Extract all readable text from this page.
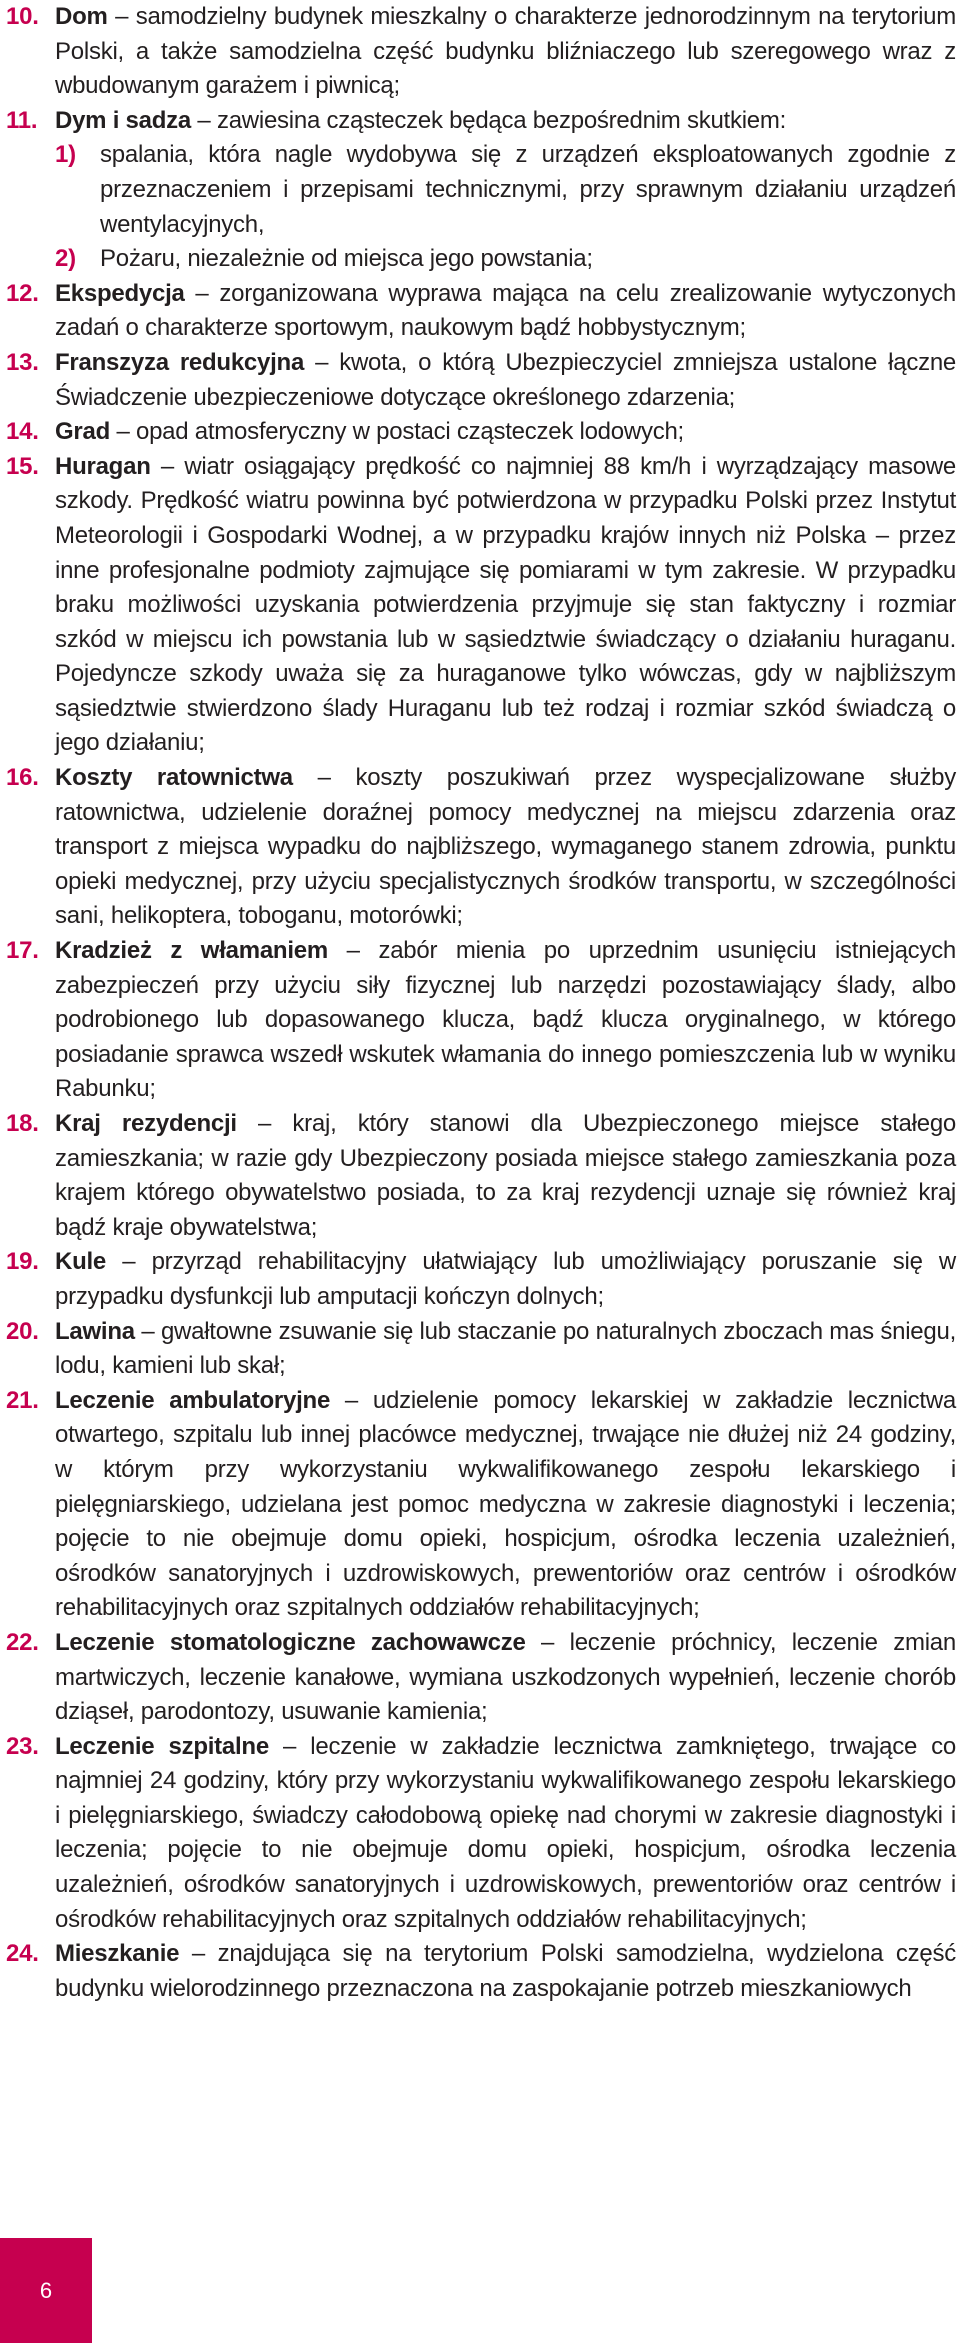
10. Dom – samodzielny budynek mieszkalny o charakterze jednorodzinnym na terytorium Polski, a także samodzielna część budynku bliźniaczego lub szeregowego wraz z wbudowanym garażem i piwnicą;
11. Dym i sadza – zawiesina cząsteczek będąca bezpośrednim skutkiem:
1) spalania, która nagle wydobywa się z urządzeń eksploatowanych zgodnie z przeznaczeniem i przepisami technicznymi, przy sprawnym działaniu urządzeń wentylacyjnych,
2) Pożaru, niezależnie od miejsca jego powstania;
12. Ekspedycja – zorganizowana wyprawa mająca na celu zrealizowanie wytyczonych zadań o charakterze sportowym, naukowym bądź hobbystycznym;
13. Franszyza redukcyjna – kwota, o którą Ubezpieczyciel zmniejsza ustalone łączne Świadczenie ubezpieczeniowe dotyczące określonego zdarzenia;
14. Grad – opad atmosferyczny w postaci cząsteczek lodowych;
15. Huragan – wiatr osiągający prędkość co najmniej 88 km/h i wyrządzający masowe szkody. Prędkość wiatru powinna być potwierdzona w przypadku Polski przez Instytut Meteorologii i Gospodarki Wodnej, a w przypadku krajów innych niż Polska – przez inne profesjonalne podmioty zajmujące się pomiarami w tym zakresie. W przypadku braku możliwości uzyskania potwierdzenia przyjmuje się stan faktyczny i rozmiar szkód w miejscu ich powstania lub w sąsiedztwie świadczący o działaniu huraganu. Pojedyncze szkody uważa się za huraganowe tylko wówczas, gdy w najbliższym sąsiedztwie stwierdzono ślady Huraganu lub też rodzaj i rozmiar szkód świadczą o jego działaniu;
16. Koszty ratownictwa – koszty poszukiwań przez wyspecjalizowane służby ratownictwa, udzielenie doraźnej pomocy medycznej na miejscu zdarzenia oraz transport z miejsca wypadku do najbliższego, wymaganego stanem zdrowia, punktu opieki medycznej, przy użyciu specjalistycznych środków transportu, w szczególności sani, helikoptera, toboganu, motorówki;
17. Kradzież z włamaniem – zabór mienia po uprzednim usunięciu istniejących zabezpieczeń przy użyciu siły fizycznej lub narzędzi pozostawiający ślady, albo podrobionego lub dopasowanego klucza, bądź klucza oryginalnego, w którego posiadanie sprawca wszedł wskutek włamania do innego pomieszczenia lub w wyniku Rabunku;
18. Kraj rezydencji – kraj, który stanowi dla Ubezpieczonego miejsce stałego zamieszkania; w razie gdy Ubezpieczony posiada miejsce stałego zamieszkania poza krajem którego obywatelstwo posiada, to za kraj rezydencji uznaje się również kraj bądź kraje obywatelstwa;
19. Kule – przyrząd rehabilitacyjny ułatwiający lub umożliwiający poruszanie się w przypadku dysfunkcji lub amputacji kończyn dolnych;
20. Lawina – gwałtowne zsuwanie się lub staczanie po naturalnych zboczach mas śniegu, lodu, kamieni lub skał;
21. Leczenie ambulatoryjne – udzielenie pomocy lekarskiej w zakładzie lecznictwa otwartego, szpitalu lub innej placówce medycznej, trwające nie dłużej niż 24 godziny, w którym przy wykorzystaniu wykwalifikowanego zespołu lekarskiego i pielęgniarskiego, udzielana jest pomoc medyczna w zakresie diagnostyki i leczenia; pojęcie to nie obejmuje domu opieki, hospicjum, ośrodka leczenia uzależnień, ośrodków sanatoryjnych i uzdrowiskowych, prewentoriów oraz centrów i ośrodków rehabilitacyjnych oraz szpitalnych oddziałów rehabilitacyjnych;
22. Leczenie stomatologiczne zachowawcze – leczenie próchnicy, leczenie zmian martwiczych, leczenie kanałowe, wymiana uszkodzonych wypełnień, leczenie chorób dziąseł, parodontozy, usuwanie kamienia;
23. Leczenie szpitalne – leczenie w zakładzie lecznictwa zamkniętego, trwające co najmniej 24 godziny, który przy wykorzystaniu wykwalifikowanego zespołu lekarskiego i pielęgniarskiego, świadczy całodobową opiekę nad chorymi w zakresie diagnostyki i leczenia; pojęcie to nie obejmuje domu opieki, hospicjum, ośrodka leczenia uzależnień, ośrodków sanatoryjnych i uzdrowiskowych, prewentoriów oraz centrów i ośrodków rehabilitacyjnych oraz szpitalnych oddziałów rehabilitacyjnych;
24. Mieszkanie – znajdująca się na terytorium Polski samodzielna, wydzielona część budynku wielorodzinnego przeznaczona na zaspokajanie potrzeb mieszkaniowych
6
